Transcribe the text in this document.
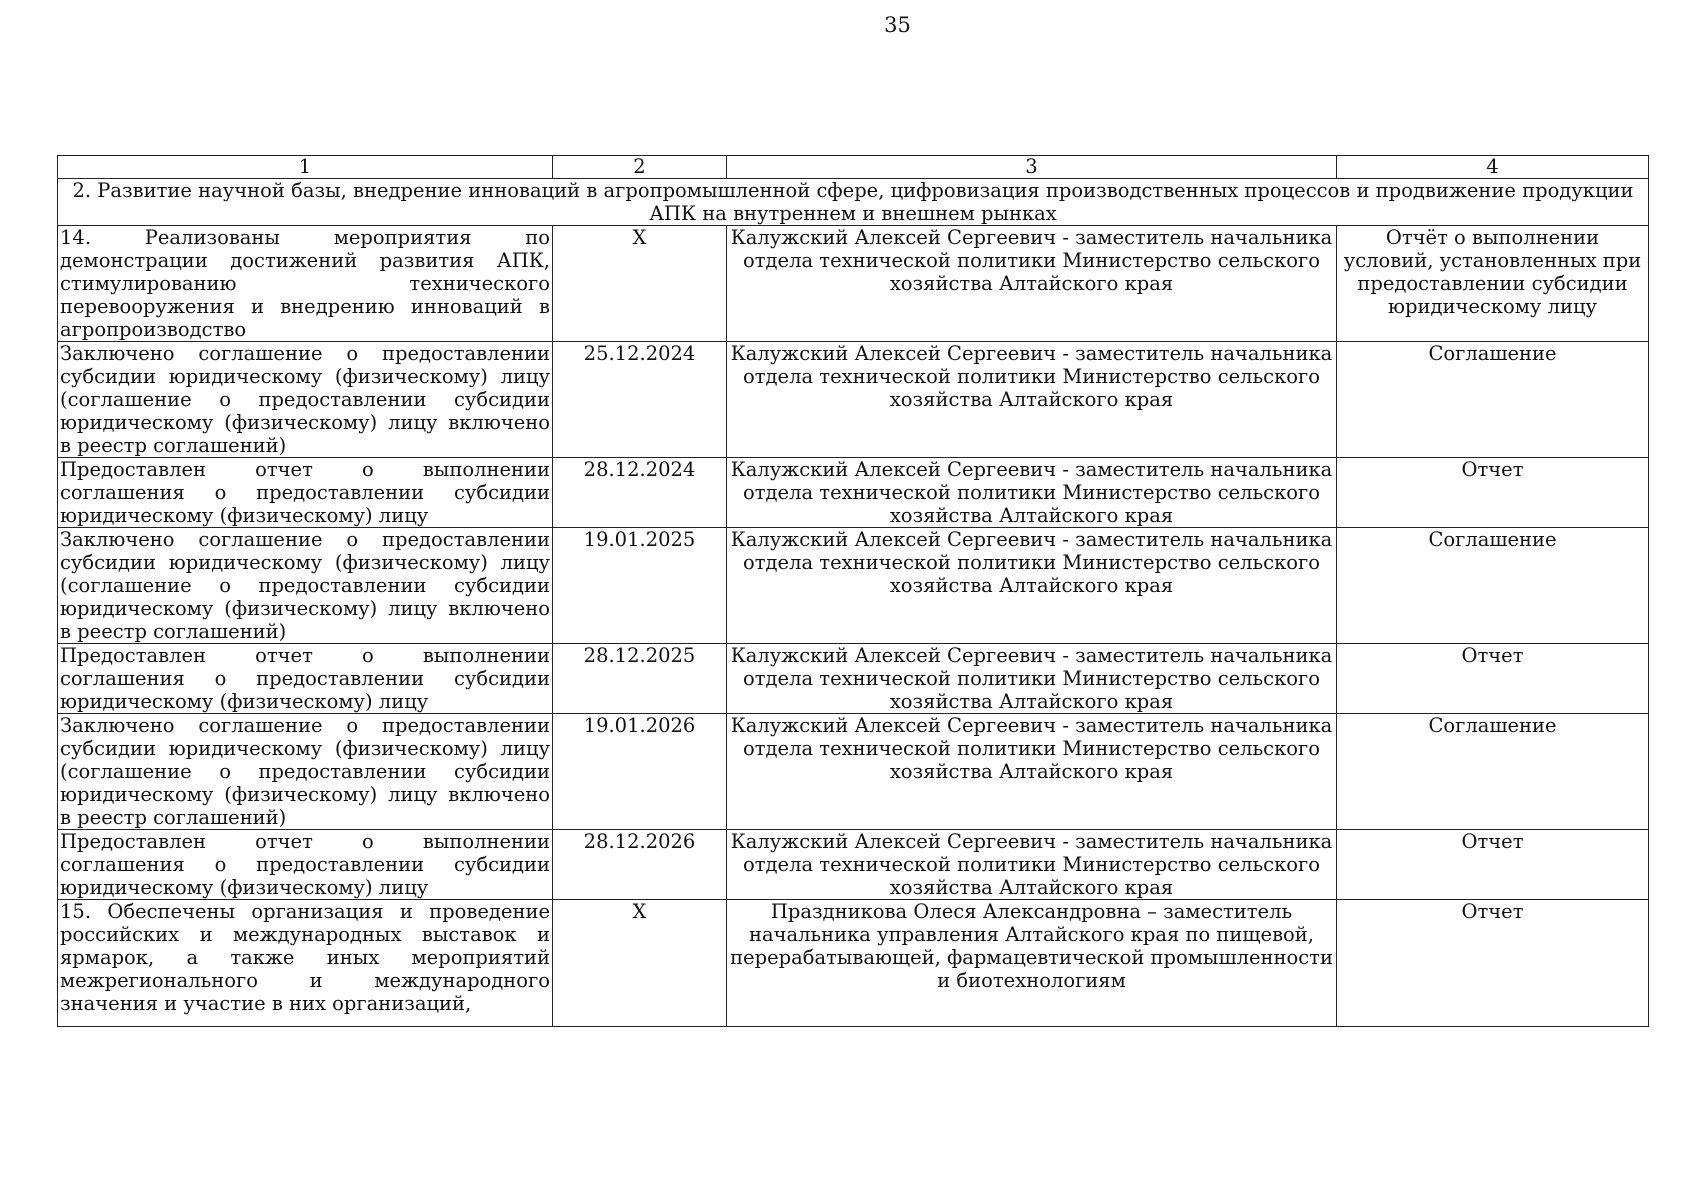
35
1	2	3	4
2. Развитие научной базы, внедрение инноваций в агропромышленной сфере, цифровизация производственных процессов и продвижение продукции АПК на внутреннем и внешнем рынках			
14. Реализованы мероприятия по демонстрации достижений развития АПК, стимулированию технического перевооружения и внедрению инноваций в агропроизводство	X	Калужский Алексей Сергеевич - заместитель начальника отдела технической политики Министерство сельского хозяйства Алтайского края	Отчёт о выполнении условий, установленных при предоставлении субсидии юридическому лицу
Заключено соглашение о предоставлении субсидии юридическому (физическому) лицу (соглашение о предоставлении субсидии юридическому (физическому) лицу включено в реестр соглашений)	25.12.2024	Калужский Алексей Сергеевич - заместитель начальника отдела технической политики Министерство сельского хозяйства Алтайского края	Соглашение
Предоставлен отчет о выполнении соглашения о предоставлении субсидии юридическому (физическому) лицу	28.12.2024	Калужский Алексей Сергеевич - заместитель начальника отдела технической политики Министерство сельского хозяйства Алтайского края	Отчет
Заключено соглашение о предоставлении субсидии юридическому (физическому) лицу (соглашение о предоставлении субсидии юридическому (физическому) лицу включено в реестр соглашений)	19.01.2025	Калужский Алексей Сергеевич - заместитель начальника отдела технической политики Министерство сельского хозяйства Алтайского края	Соглашение
Предоставлен отчет о выполнении соглашения о предоставлении субсидии юридическому (физическому) лицу	28.12.2025	Калужский Алексей Сергеевич - заместитель начальника отдела технической политики Министерство сельского хозяйства Алтайского края	Отчет
Заключено соглашение о предоставлении субсидии юридическому (физическому) лицу (соглашение о предоставлении субсидии юридическому (физическому) лицу включено в реестр соглашений)	19.01.2026	Калужский Алексей Сергеевич - заместитель начальника отдела технической политики Министерство сельского хозяйства Алтайского края	Соглашение
Предоставлен отчет о выполнении соглашения о предоставлении субсидии юридическому (физическому) лицу	28.12.2026	Калужский Алексей Сергеевич - заместитель начальника отдела технической политики Министерство сельского хозяйства Алтайского края	Отчет
15. Обеспечены организация и проведение российских и международных выставок и ярмарок, а также иных мероприятий межрегионального и международного значения и участие в них организаций,	X	Праздникова Олеся Александровна – заместитель начальника управления Алтайского края по пищевой, перерабатывающей, фармацевтической промышленности и биотехнологиям	Отчет
